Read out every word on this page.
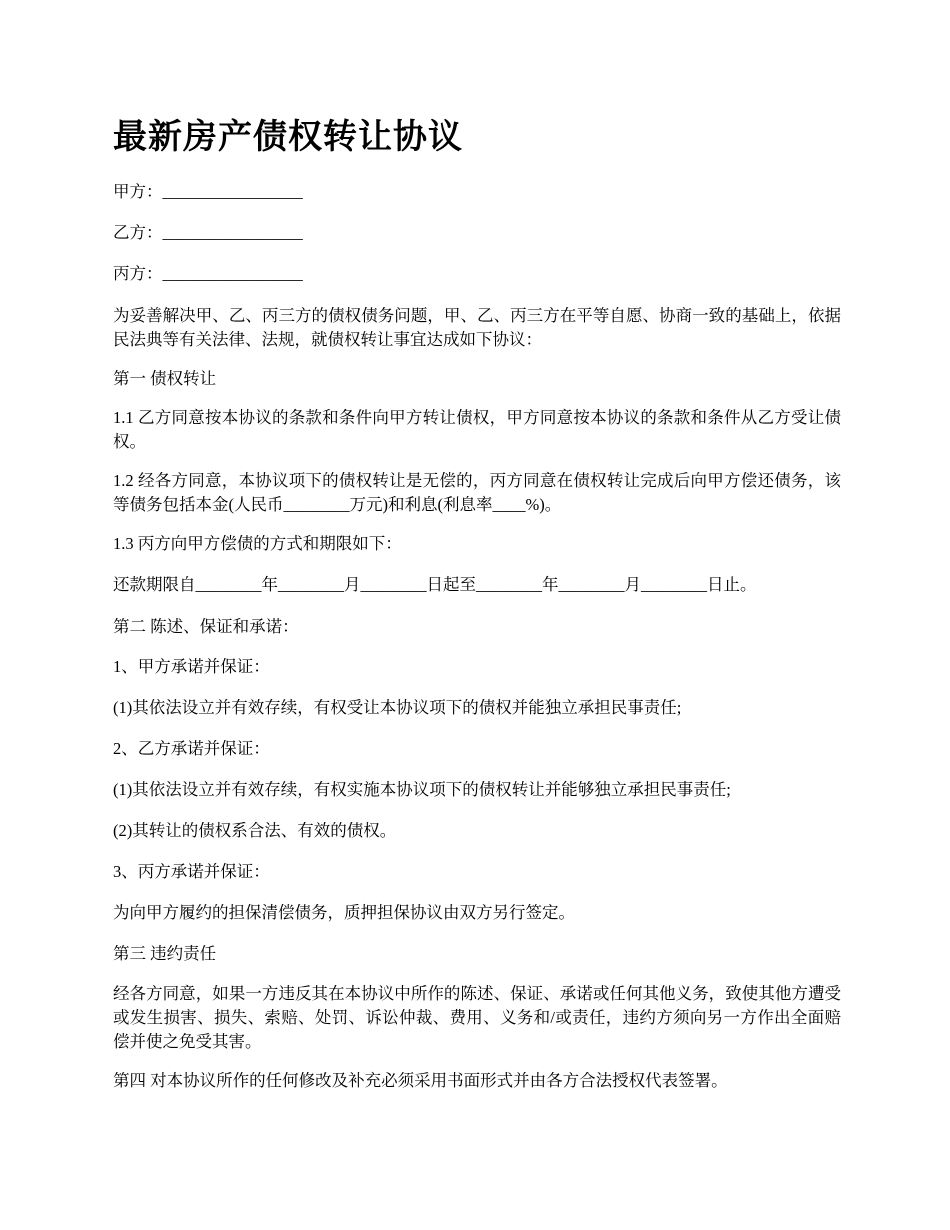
最新房产债权转让协议

甲方：_________________

乙方：_________________

丙方：_________________

为妥善解决甲、乙、丙三方的债权债务问题，甲、乙、丙三方在平等自愿、协商一致的基础上，依据民法典等有关法律、法规，就债权转让事宜达成如下协议：

第一 债权转让

1.1 乙方同意按本协议的条款和条件向甲方转让债权，甲方同意按本协议的条款和条件从乙方受让债权。

1.2 经各方同意，本协议项下的债权转让是无偿的，丙方同意在债权转让完成后向甲方偿还债务，该等债务包括本金(人民币________万元)和利息(利息率____%)。

1.3 丙方向甲方偿债的方式和期限如下：

还款期限自________年________月________日起至________年________月________日止。

第二 陈述、保证和承诺：

1、甲方承诺并保证：

(1)其依法设立并有效存续，有权受让本协议项下的债权并能独立承担民事责任;

2、乙方承诺并保证：

(1)其依法设立并有效存续，有权实施本协议项下的债权转让并能够独立承担民事责任;

(2)其转让的债权系合法、有效的债权。

3、丙方承诺并保证：

为向甲方履约的担保清偿债务，质押担保协议由双方另行签定。

第三 违约责任

经各方同意，如果一方违反其在本协议中所作的陈述、保证、承诺或任何其他义务，致使其他方遭受或发生损害、损失、索赔、处罚、诉讼仲裁、费用、义务和/或责任，违约方须向另一方作出全面赔偿并使之免受其害。

第四 对本协议所作的任何修改及补充必须采用书面形式并由各方合法授权代表签署。
